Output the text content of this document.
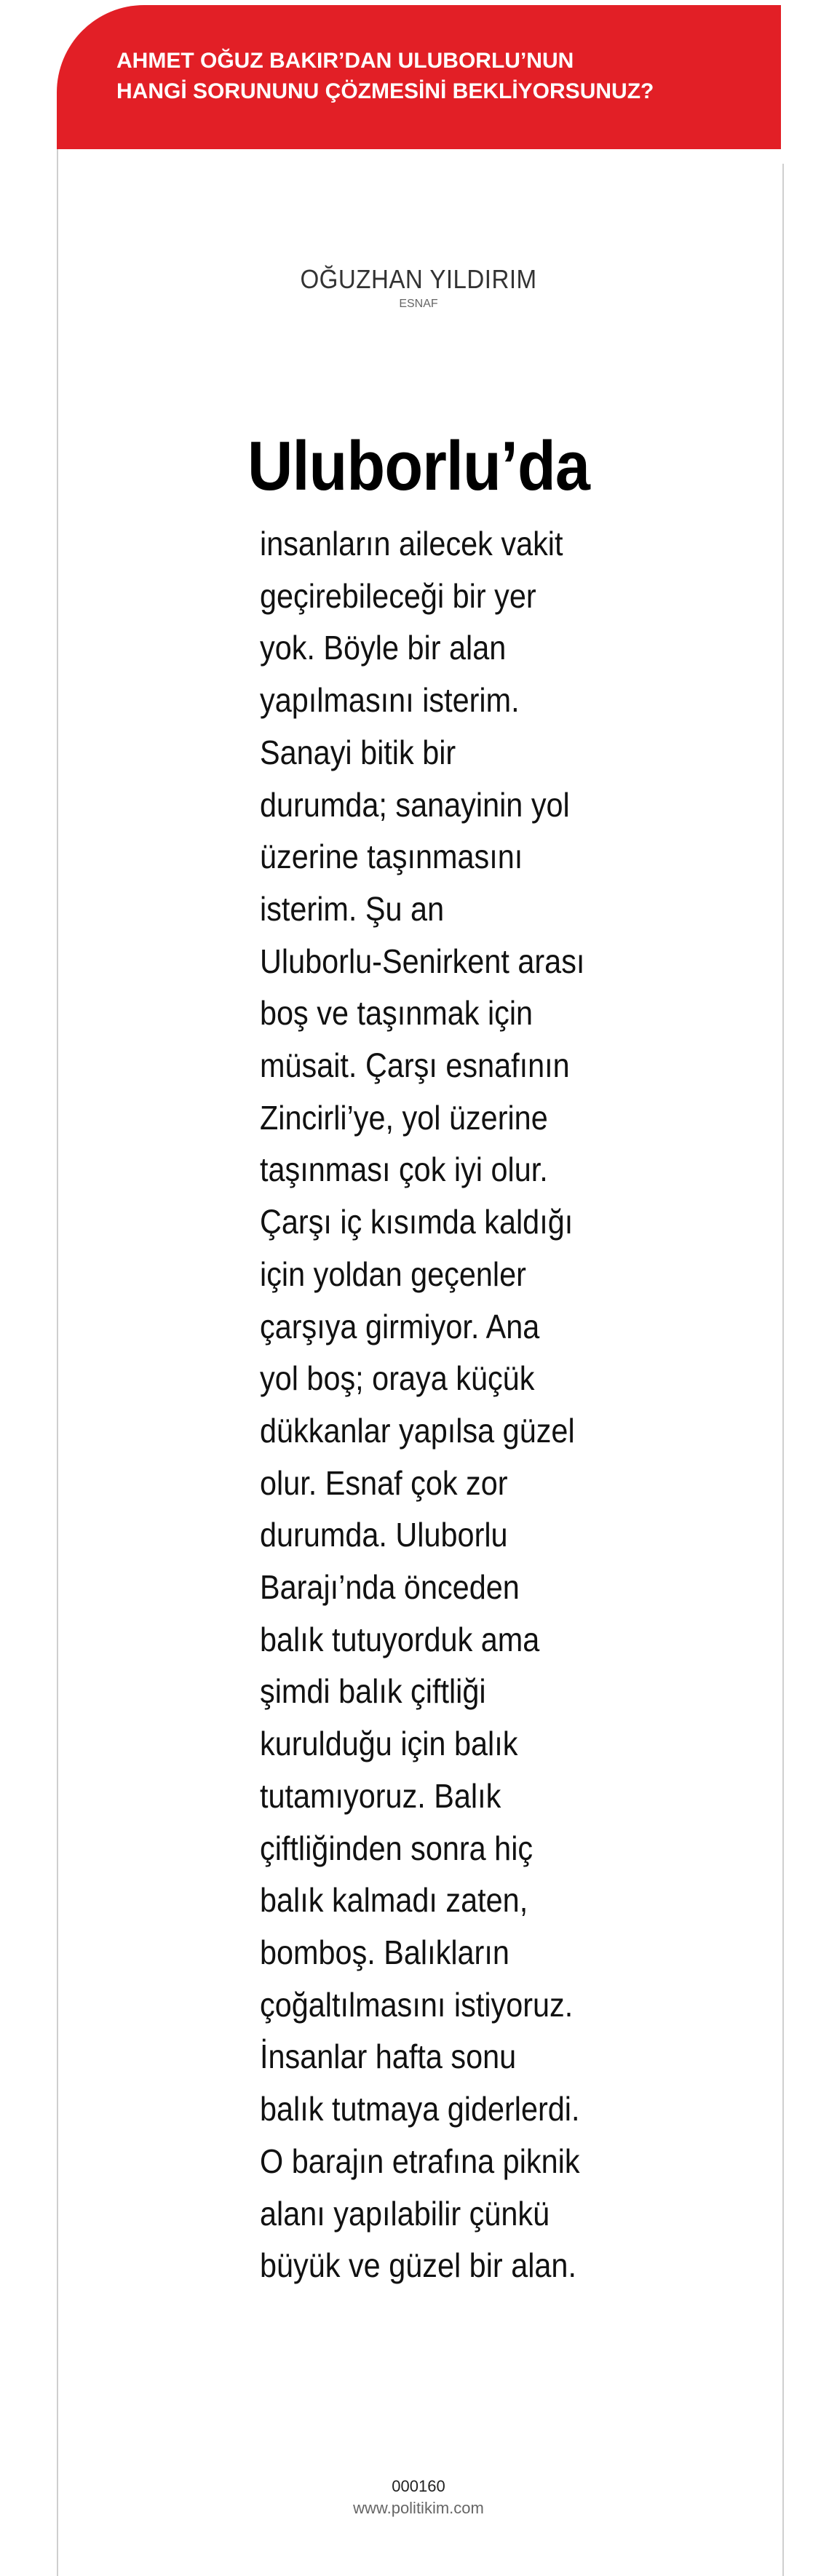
AHMET OĞUZ BAKIR’DAN ULUBORLU’NUN
HANGİ SORUNUNU ÇÖZMESİNİ BEKLİYORSUNUZ?
OĞUZHAN YILDIRIM
ESNAF
Uluborlu’da
insanların ailecek vakit
geçirebileceği bir yer
yok. Böyle bir alan
yapılmasını isterim.
Sanayi bitik bir
durumda; sanayinin yol
üzerine taşınmasını
isterim. Şu an
Uluborlu-Senirkent arası
boş ve taşınmak için
müsait. Çarşı esnafının
Zincirli’ye, yol üzerine
taşınması çok iyi olur.
Çarşı iç kısımda kaldığı
için yoldan geçenler
çarşıya girmiyor. Ana
yol boş; oraya küçük
dükkanlar yapılsa güzel
olur. Esnaf çok zor
durumda. Uluborlu
Barajı’nda önceden
balık tutuyorduk ama
şimdi balık çiftliği
kurulduğu için balık
tutamıyoruz. Balık
çiftliğinden sonra hiç
balık kalmadı zaten,
bomboş. Balıkların
çoğaltılmasını istiyoruz.
İnsanlar hafta sonu
balık tutmaya giderlerdi.
O barajın etrafına piknik
alanı yapılabilir çünkü
büyük ve güzel bir alan.
000160
www.politikim.com
